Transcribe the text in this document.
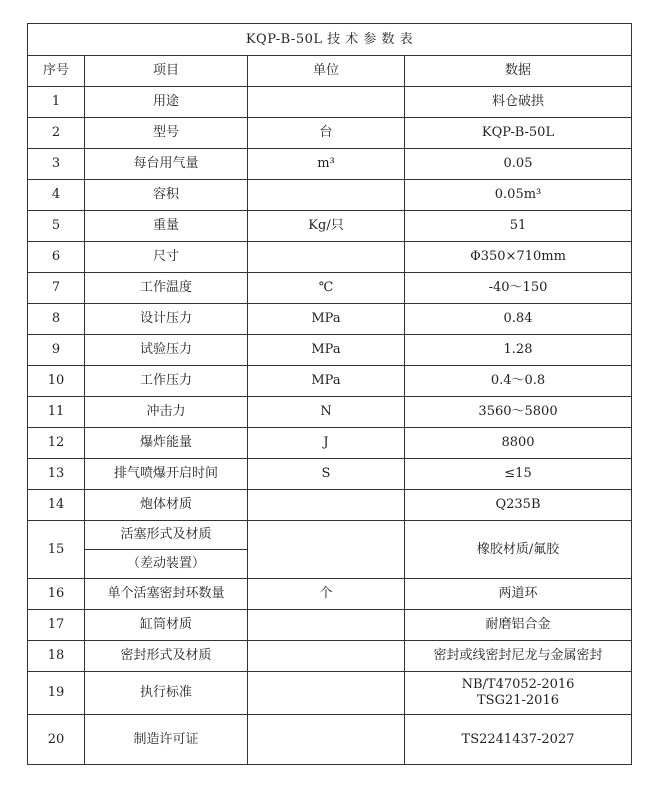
KQP-B-50L 技 术 参 数 表			
序号	项目	单位	数据
1	用途		料仓破拱
2	型号	台	KQP-B-50L
3	每台用气量	m³	0.05
4	容积		0.05m³
5	重量	Kg/只	51
6	尺寸		Φ350×710mm
7	工作温度	℃	-40～150
8	设计压力	MPa	0.84
9	试验压力	MPa	1.28
10	工作压力	MPa	0.4～0.8
11	冲击力	N	3560～5800
12	爆炸能量	J	8800
13	排气喷爆开启时间	S	≤15
14	炮体材质		Q235B
15	活塞形式及材质		橡胶材质/氟胶
	（差动装置）		
16	单个活塞密封环数量	个	两道环
17	缸筒材质		耐磨铝合金
18	密封形式及材质		密封或线密封尼龙与金属密封
19	执行标准		NB/T47052-2016
TSG21-2016

20	制造许可证		TS2241437-2027
